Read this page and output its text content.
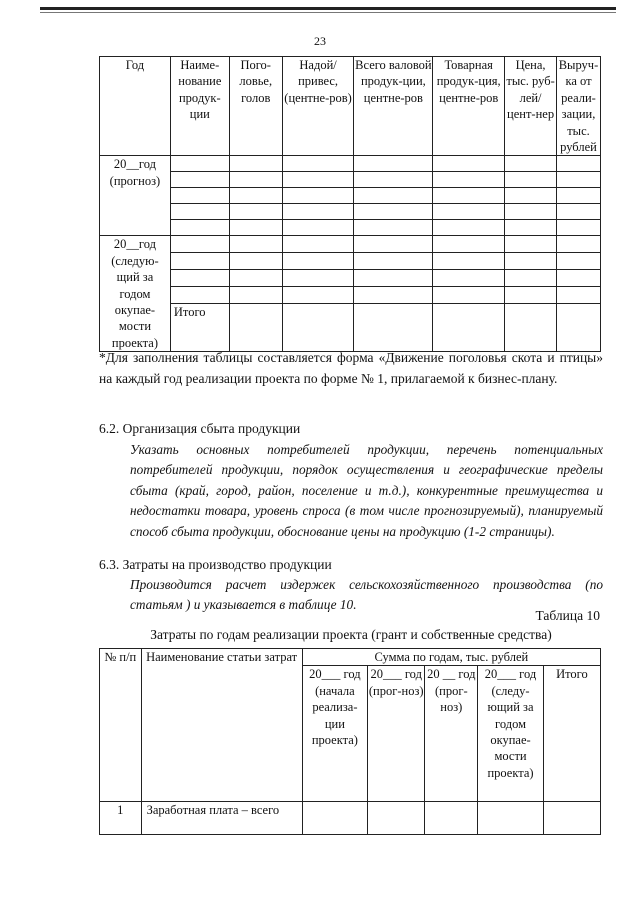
23
Год	Наиме-нование продук-ции	Пого-ловье, голов	Надой/ привес, (центне-ров)	Всего валовой продук-ции, центне-ров	Товарная продук-ция, центне-ров	Цена, тыс. руб-лей/ цент-нер	Выруч-ка от реали-зации, тыс. рублей
20__год (прогноз)							

20__год (следую-щий за годом окупае-мости проекта)							

	Итого						
*Для заполнения таблицы составляется форма «Движение поголовья скота и птицы» на каждый год реализации проекта по форме № 1, прилагаемой к бизнес-плану.
6.2. Организация сбыта продукции
Указать основных потребителей продукции, перечень потенциальных потребителей продукции, порядок осуществления и географические пределы сбыта (край, город, район, поселение и т.д.), конкурентные преимущества и недостатки товара, уровень спроса (в том числе прогнозируемый), планируемый способ сбыта продукции, обоснование цены на продукцию (1-2 страницы).
6.3. Затраты на производство продукции
Производится расчет издержек сельскохозяйственного производства (по статьям ) и указывается в таблице 10.
Таблица 10
Затраты по годам реализации проекта (грант и собственные средства)
№ п/п	Наименование статьи затрат	Сумма по годам, тыс. рублей				
		20___ год (начала реализа-ции проекта)	20___ год (прог-ноз)	20 __ год (прог-ноз)	20___ год (следу-ющий за годом окупае-мости проекта)	Итого
1	Заработная плата – всего					
